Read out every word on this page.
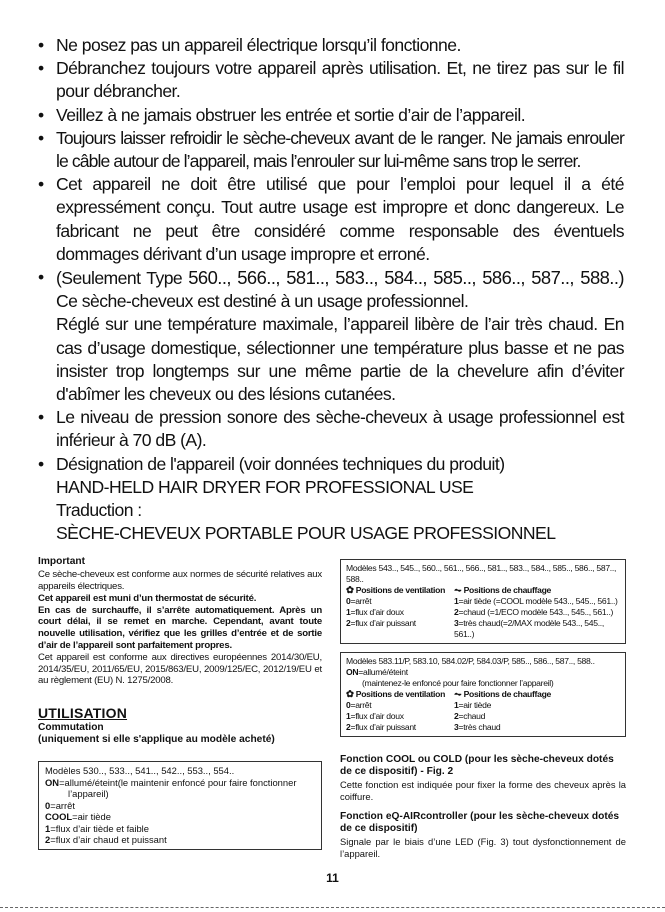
• Ne posez pas un appareil électrique lorsqu’il fonctionne.

• Débranchez toujours votre appareil après utilisation. Et, ne tirez pas sur le fil pour débrancher.

• Veillez à ne jamais obstruer les entrée et sortie d’air de l’appareil.

• Toujours laisser refroidir le sèche-cheveux avant de le ranger. Ne jamais enrouler le câble autour de l’appareil, mais l’enrouler sur lui-même sans trop le serrer.

• Cet appareil ne doit être utilisé que pour l’emploi pour lequel il a été expressément conçu. Tout autre usage est impropre et donc dangereux. Le fabricant ne peut être considéré comme responsable des éventuels dommages dérivant d’un usage impropre et erroné.

• (Seulement Type 560.., 566.., 581.., 583.., 584.., 585.., 586.., 587.., 588..) Ce sèche-cheveux est destiné à un usage professionnel.
Réglé sur une température maximale, l’appareil libère de l’air très chaud. En cas d’usage domestique, sélectionner une température plus basse et ne pas insister trop longtemps sur une même partie de la chevelure afin d’éviter d'abîmer les cheveux ou des lésions cutanées.

• Le niveau de pression sonore des sèche-cheveux à usage professionnel est inférieur à 70 dB (A).

• Désignation de l'appareil (voir données techniques du produit)
HAND-HELD HAIR DRYER FOR PROFESSIONAL USE
Traduction :
SÈCHE-CHEVEUX PORTABLE POUR USAGE PROFESSIONNEL

Important

Ce sèche-cheveux est conforme aux normes de sécurité relatives aux appareils électriques.
Cet appareil est muni d’un thermostat de sécurité.
En cas de surchauffe, il s’arrête automatiquement. Après un court délai, il se remet en marche. Cependant, avant toute nouvelle utilisation, vérifiez que les grilles d’entrée et de sortie d’air de l’appareil sont parfaitement propres.
Cet appareil est conforme aux directives européennes 2014/30/EU, 2014/35/EU, 2011/65/EU, 2015/863/EU, 2009/125/EC, 2012/19/EU et au règlement (EU) N. 1275/2008.

UTILISATION

Commutation

(uniquement si elle s'applique au modèle acheté)

Modèles 530.., 533.., 541.., 542.., 553.., 554..
ON=allumé/éteint(le maintenir enfoncé pour faire fonctionner
l’appareil)
0=arrêt
COOL=air tiède
1=flux d’air tiède et faible
2=flux d’air chaud et puissant
Modèles 543.., 545.., 560.., 561.., 566.., 581.., 583.., 584.., 585.., 586.., 587.., 588..
✿ Positions de ventilation ⏦ Positions de chauffage
0=arrêt	1=air tiède (=COOL modèle 543.., 545.., 561..)
1=flux d’air doux	2=chaud (=1/ECO modèle 543.., 545.., 561..)
2=flux d’air puissant	3=très chaud(=2/MAX modèle 543.., 545.., 561..)
Modèles 583.11/P, 583.10, 584.02/P, 584.03/P, 585.., 586.., 587.., 588..
ON=allumé/éteint
(maintenez-le enfoncé pour faire fonctionner l’appareil)
✿ Positions de ventilation ⏦ Positions de chauffage
0=arrêt	1=air tiède
1=flux d’air doux	2=chaud
2=flux d’air puissant	3=très chaud

Fonction COOL ou COLD (pour les sèche-cheveux dotés de ce dispositif) - Fig. 2

Cette fonction est indiquée pour fixer la forme des cheveux après la coiffure.

Fonction eQ-AIRcontroller (pour les sèche-cheveux dotés de ce dispositif)

Signale par le biais d’une LED (Fig. 3) tout dysfonctionnement de l’appareil.

11
